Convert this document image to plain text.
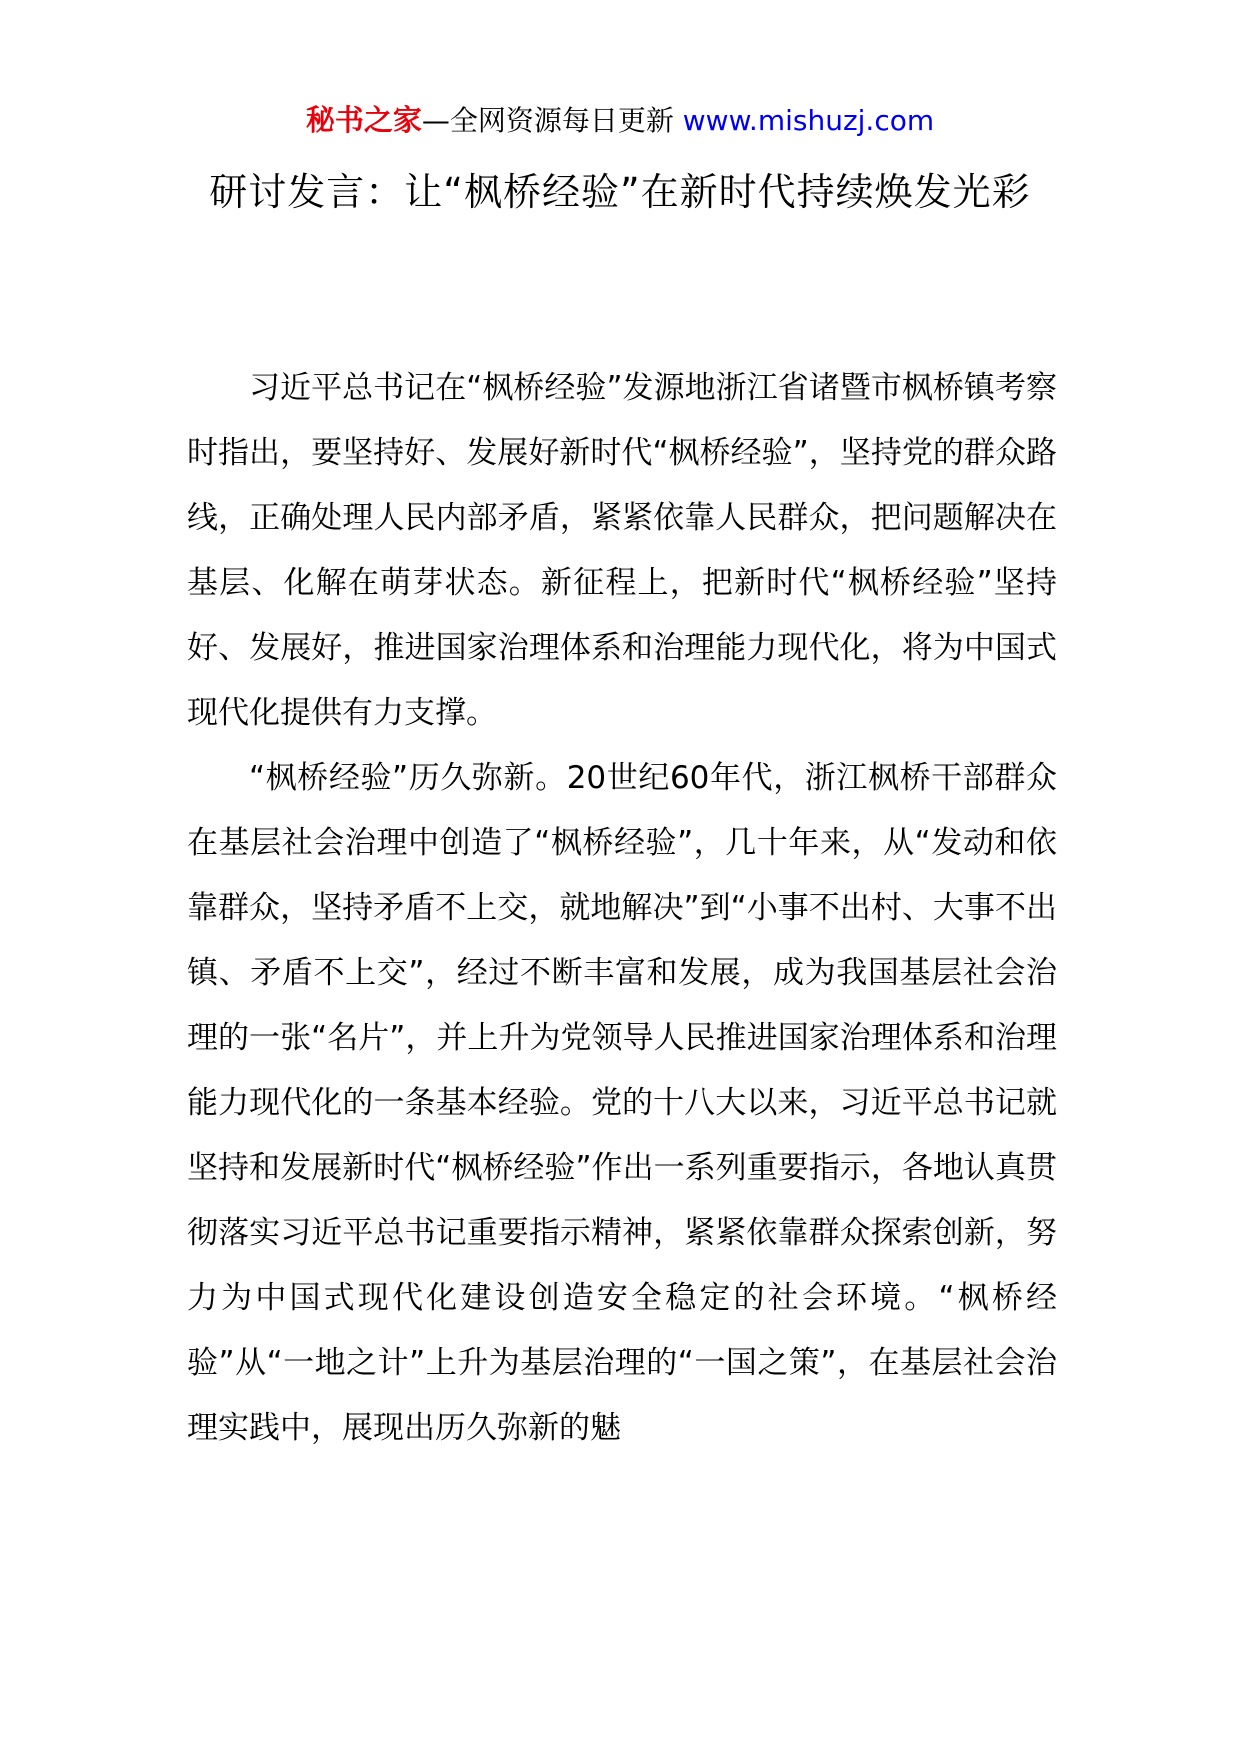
秘书之家—全网资源每日更新 www.mishuzj.com
研讨发言：让“枫桥经验”在新时代持续焕发光彩

习近平总书记在“枫桥经验”发源地浙江省诸暨市枫桥镇考察时指出，要坚持好、发展好新时代“枫桥经验”，坚持党的群众路线，正确处理人民内部矛盾，紧紧依靠人民群众，把问题解决在基层、化解在萌芽状态。新征程上，把新时代“枫桥经验”坚持好、发展好，推进国家治理体系和治理能力现代化，将为中国式现代化提供有力支撑。

“枫桥经验”历久弥新。20世纪60年代，浙江枫桥干部群众在基层社会治理中创造了“枫桥经验”，几十年来，从“发动和依靠群众，坚持矛盾不上交，就地解决”到“小事不出村、大事不出镇、矛盾不上交”，经过不断丰富和发展，成为我国基层社会治理的一张“名片”，并上升为党领导人民推进国家治理体系和治理能力现代化的一条基本经验。党的十八大以来，习近平总书记就坚持和发展新时代“枫桥经验”作出一系列重要指示，各地认真贯彻落实习近平总书记重要指示精神，紧紧依靠群众探索创新，努力为中国式现代化建设创造安全稳定的社会环境。“枫桥经验”从“一地之计”上升为基层治理的“一国之策”，在基层社会治理实践中，展现出历久弥新的魅
